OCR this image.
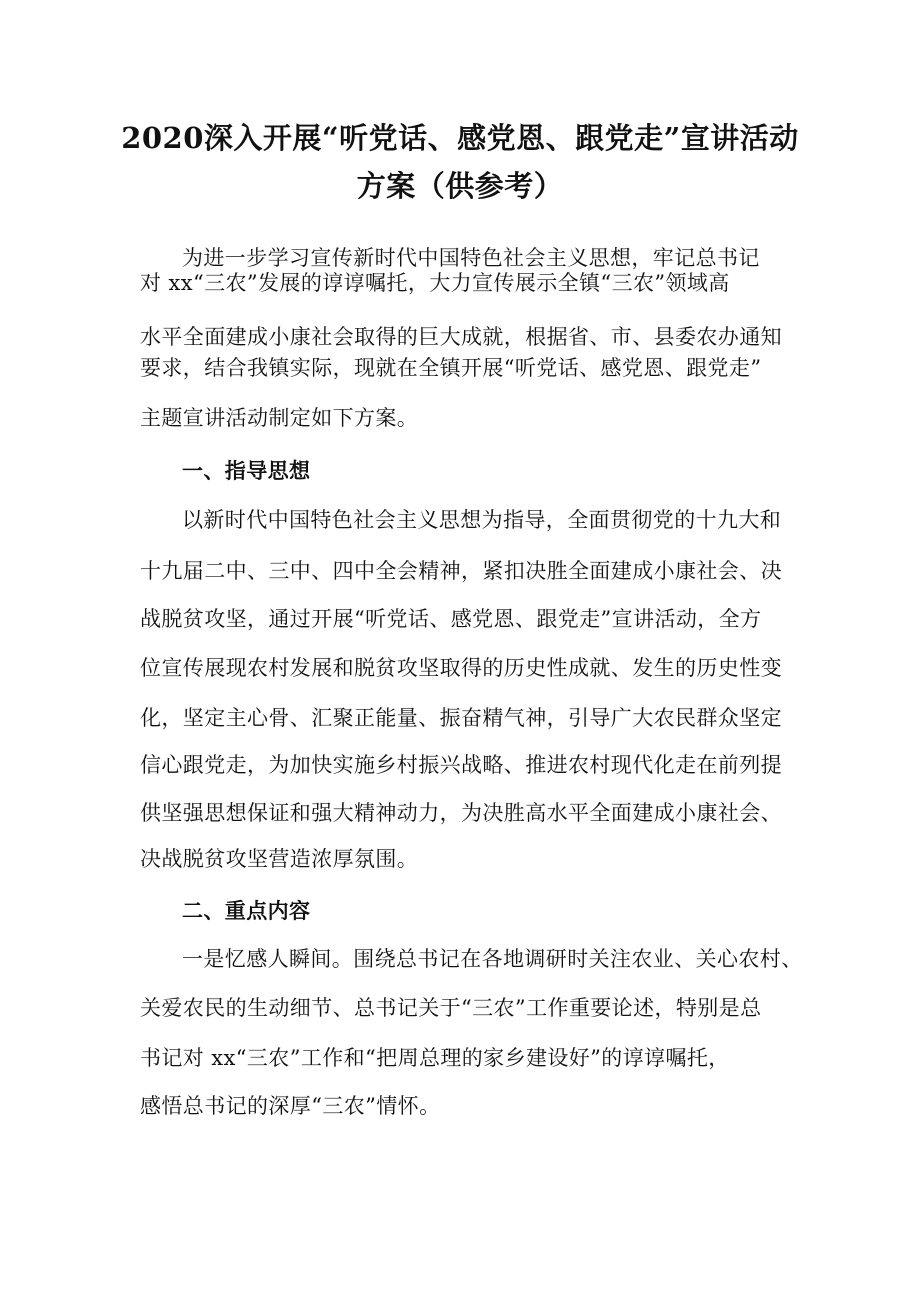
2020深入开展“听党话、感党恩、跟党走”宣讲活动
方案（供参考）
为进一步学习宣传新时代中国特色社会主义思想，牢记总书记
对 xx“三农”发展的谆谆嘱托，大力宣传展示全镇“三农”领域高
水平全面建成小康社会取得的巨大成就，根据省、市、县委农办通知
要求，结合我镇实际，现就在全镇开展“听党话、感党恩、跟党走”
主题宣讲活动制定如下方案。
一、指导思想
以新时代中国特色社会主义思想为指导，全面贯彻党的十九大和
十九届二中、三中、四中全会精神，紧扣决胜全面建成小康社会、决
战脱贫攻坚，通过开展“听党话、感党恩、跟党走”宣讲活动，全方
位宣传展现农村发展和脱贫攻坚取得的历史性成就、发生的历史性变
化，坚定主心骨、汇聚正能量、振奋精气神，引导广大农民群众坚定
信心跟党走，为加快实施乡村振兴战略、推进农村现代化走在前列提
供坚强思想保证和强大精神动力，为决胜高水平全面建成小康社会、
决战脱贫攻坚营造浓厚氛围。
二、重点内容
一是忆感人瞬间。围绕总书记在各地调研时关注农业、关心农村、
关爱农民的生动细节、总书记关于“三农”工作重要论述，特别是总
书记对 xx“三农”工作和“把周总理的家乡建设好”的谆谆嘱托，
感悟总书记的深厚“三农”情怀。
